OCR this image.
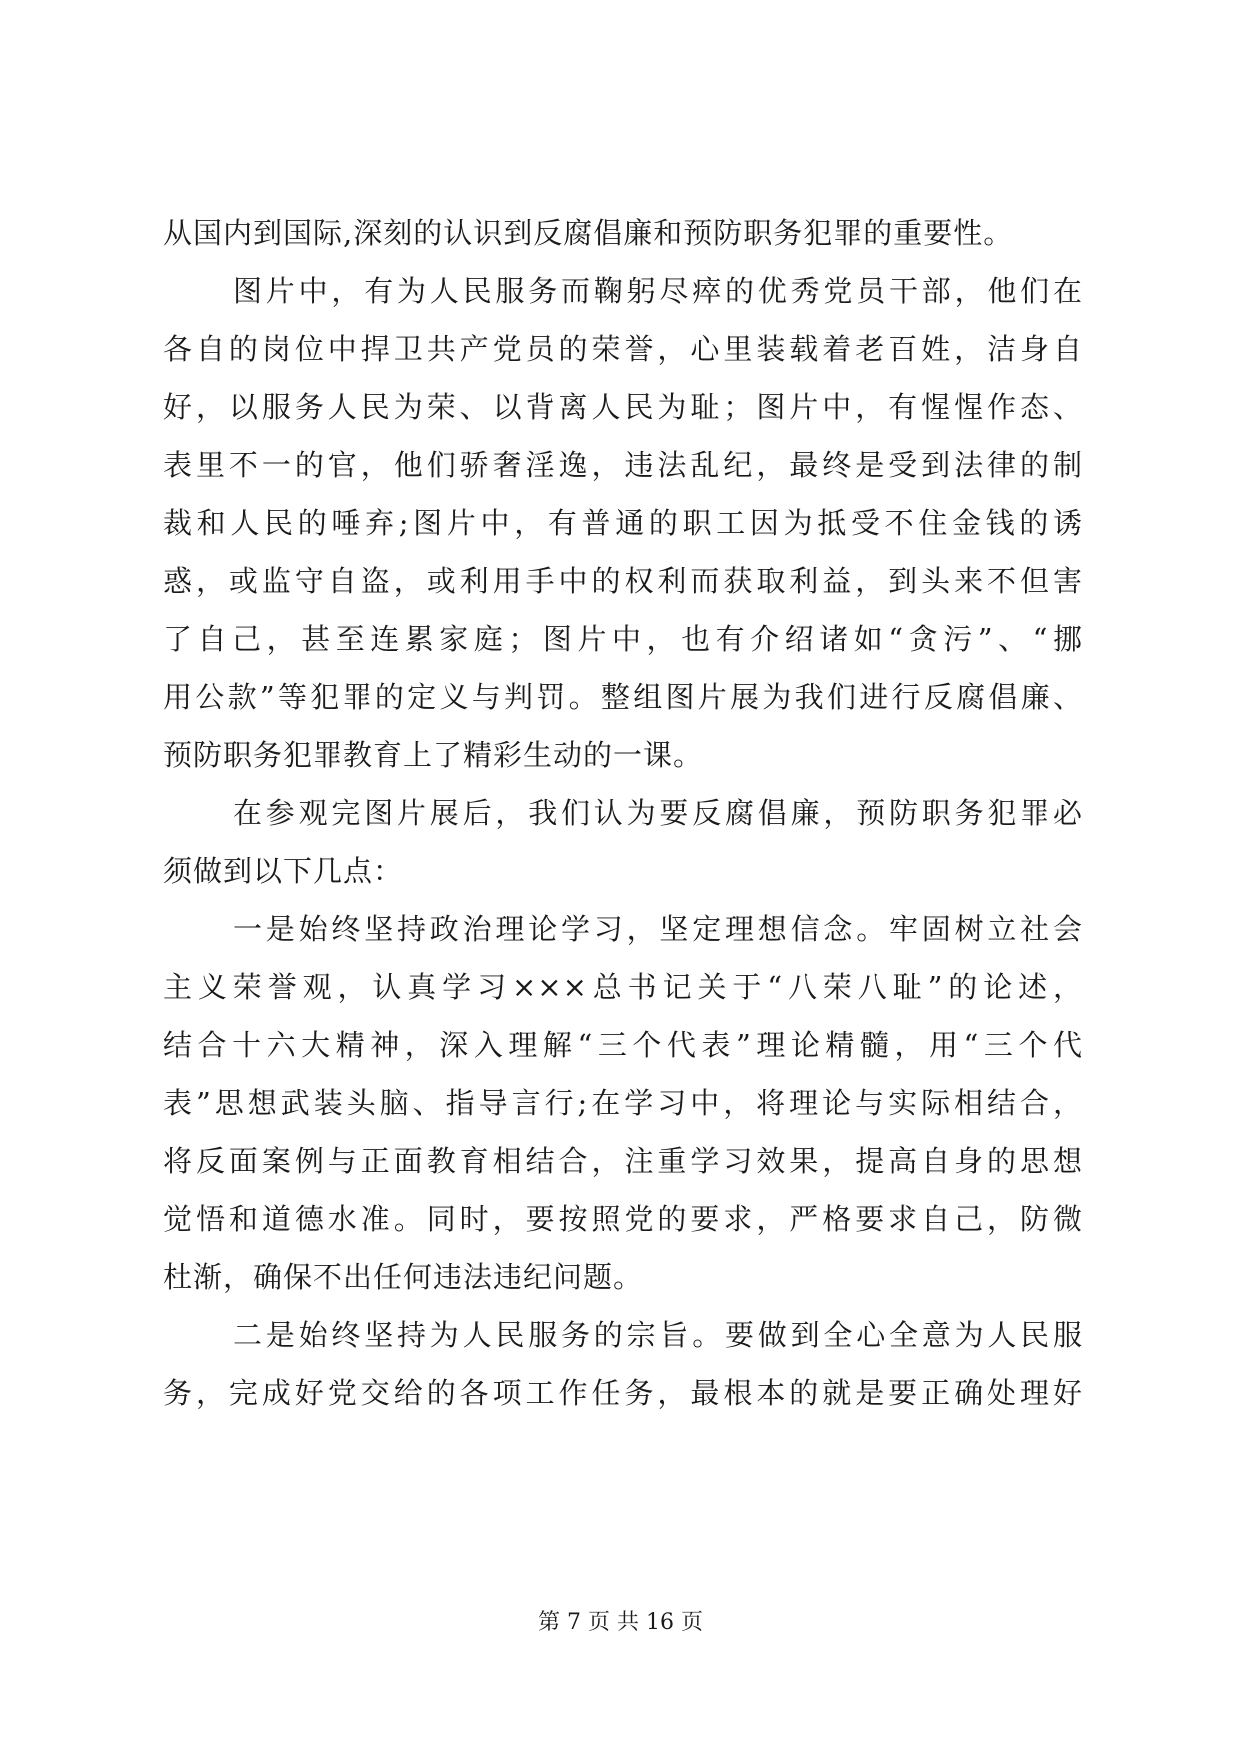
从国内到国际,深刻的认识到反腐倡廉和预防职务犯罪的重要性。
图片中，有为人民服务而鞠躬尽瘁的优秀党员干部，他们在
各自的岗位中捍卫共产党员的荣誉，心里装载着老百姓，洁身自
好，以服务人民为荣、以背离人民为耻；图片中，有惺惺作态、
表里不一的官，他们骄奢淫逸，违法乱纪，最终是受到法律的制
裁和人民的唾弃;图片中，有普通的职工因为抵受不住金钱的诱
惑，或监守自盗，或利用手中的权利而获取利益，到头来不但害
了自己，甚至连累家庭；图片中，也有介绍诸如“贪污”、“挪
用公款”等犯罪的定义与判罚。整组图片展为我们进行反腐倡廉、
预防职务犯罪教育上了精彩生动的一课。
在参观完图片展后，我们认为要反腐倡廉，预防职务犯罪必
须做到以下几点：
一是始终坚持政治理论学习，坚定理想信念。牢固树立社会
主义荣誉观，认真学习×××总书记关于“八荣八耻”的论述，
结合十六大精神，深入理解“三个代表”理论精髓，用“三个代
表”思想武装头脑、指导言行;在学习中，将理论与实际相结合，
将反面案例与正面教育相结合，注重学习效果，提高自身的思想
觉悟和道德水准。同时，要按照党的要求，严格要求自己，防微
杜渐，确保不出任何违法违纪问题。
二是始终坚持为人民服务的宗旨。要做到全心全意为人民服
务，完成好党交给的各项工作任务，最根本的就是要正确处理好
第 7 页 共 16 页
